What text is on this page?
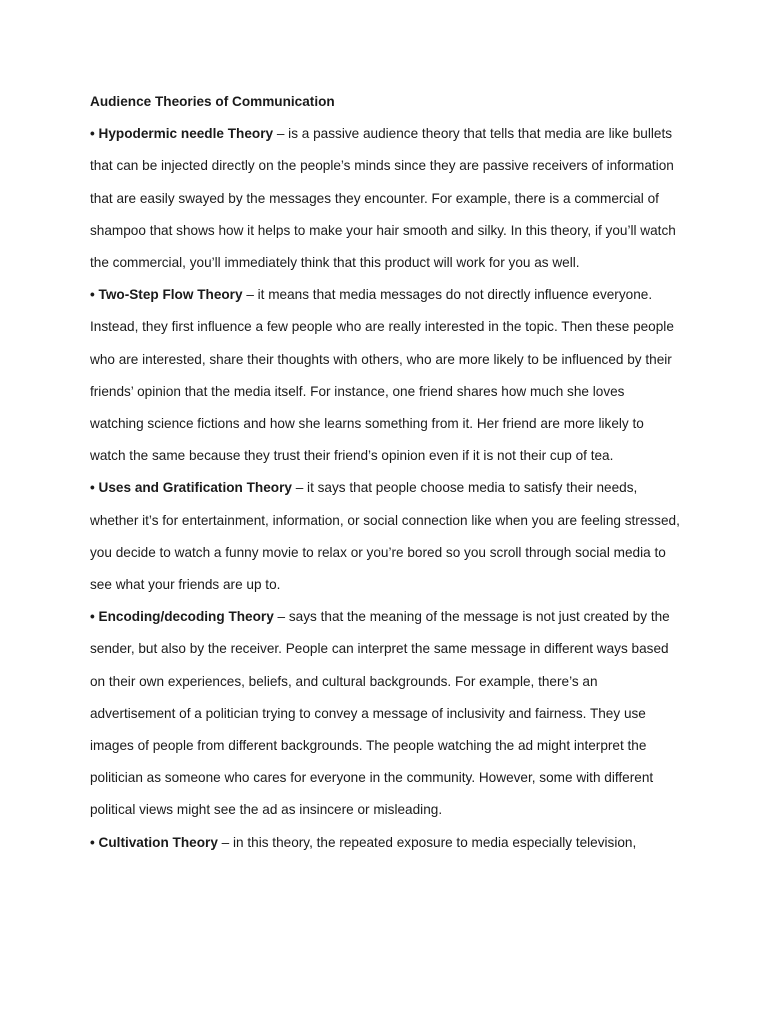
Audience Theories of Communication

• Hypodermic needle Theory – is a passive audience theory that tells that media are like bullets that can be injected directly on the people’s minds since they are passive receivers of information that are easily swayed by the messages they encounter. For example, there is a commercial of shampoo that shows how it helps to make your hair smooth and silky. In this theory, if you’ll watch the commercial, you’ll immediately think that this product will work for you as well.

• Two-Step Flow Theory – it means that media messages do not directly influence everyone. Instead, they first influence a few people who are really interested in the topic. Then these people who are interested, share their thoughts with others, who are more likely to be influenced by their friends’ opinion that the media itself. For instance, one friend shares how much she loves watching science fictions and how she learns something from it. Her friend are more likely to watch the same because they trust their friend’s opinion even if it is not their cup of tea.

• Uses and Gratification Theory – it says that people choose media to satisfy their needs, whether it’s for entertainment, information, or social connection like when you are feeling stressed, you decide to watch a funny movie to relax or you’re bored so you scroll through social media to see what your friends are up to.

• Encoding/decoding Theory – says that the meaning of the message is not just created by the sender, but also by the receiver. People can interpret the same message in different ways based on their own experiences, beliefs, and cultural backgrounds. For example, there’s an advertisement of a politician trying to convey a message of inclusivity and fairness. They use images of people from different backgrounds. The people watching the ad might interpret the politician as someone who cares for everyone in the community. However, some with different political views might see the ad as insincere or misleading.

• Cultivation Theory – in this theory, the repeated exposure to media especially television,
